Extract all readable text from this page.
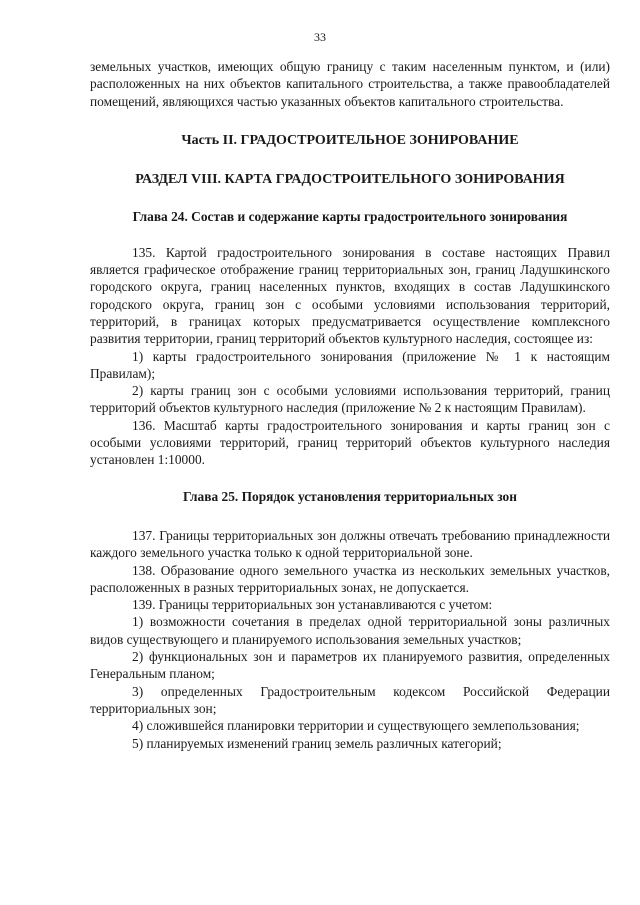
33

земельных участков, имеющих общую границу с таким населенным пунктом, и (или) расположенных на них объектов капитального строительства, а также правообладателей помещений, являющихся частью указанных объектов капитального строительства.

Часть II. ГРАДОСТРОИТЕЛЬНОЕ ЗОНИРОВАНИЕ

РАЗДЕЛ VIII. КАРТА ГРАДОСТРОИТЕЛЬНОГО ЗОНИРОВАНИЯ

Глава 24. Состав и содержание карты градостроительного зонирования

135. Картой градостроительного зонирования в составе настоящих Правил является графическое отображение границ территориальных зон, границ Ладушкинского городского округа, границ населенных пунктов, входящих в состав Ладушкинского городского округа, границ зон с особыми условиями использования территорий, территорий, в границах которых предусматривается осуществление комплексного развития территории, границ территорий объектов культурного наследия, состоящее из:

1) карты градостроительного зонирования (приложение № 1 к настоящим Правилам);

2) карты границ зон с особыми условиями использования территорий, границ территорий объектов культурного наследия (приложение № 2 к настоящим Правилам).

136. Масштаб карты градостроительного зонирования и карты границ зон с особыми условиями территорий, границ территорий объектов культурного наследия установлен 1:10000.

Глава 25. Порядок установления территориальных зон

137. Границы территориальных зон должны отвечать требованию принадлежности каждого земельного участка только к одной территориальной зоне.

138. Образование одного земельного участка из нескольких земельных участков, расположенных в разных территориальных зонах, не допускается.

139. Границы территориальных зон устанавливаются с учетом:

1) возможности сочетания в пределах одной территориальной зоны различных видов существующего и планируемого использования земельных участков;

2) функциональных зон и параметров их планируемого развития, определенных Генеральным планом;

3) определенных Градостроительным кодексом Российской Федерации территориальных зон;

4) сложившейся планировки территории и существующего землепользования;

5) планируемых изменений границ земель различных категорий;
